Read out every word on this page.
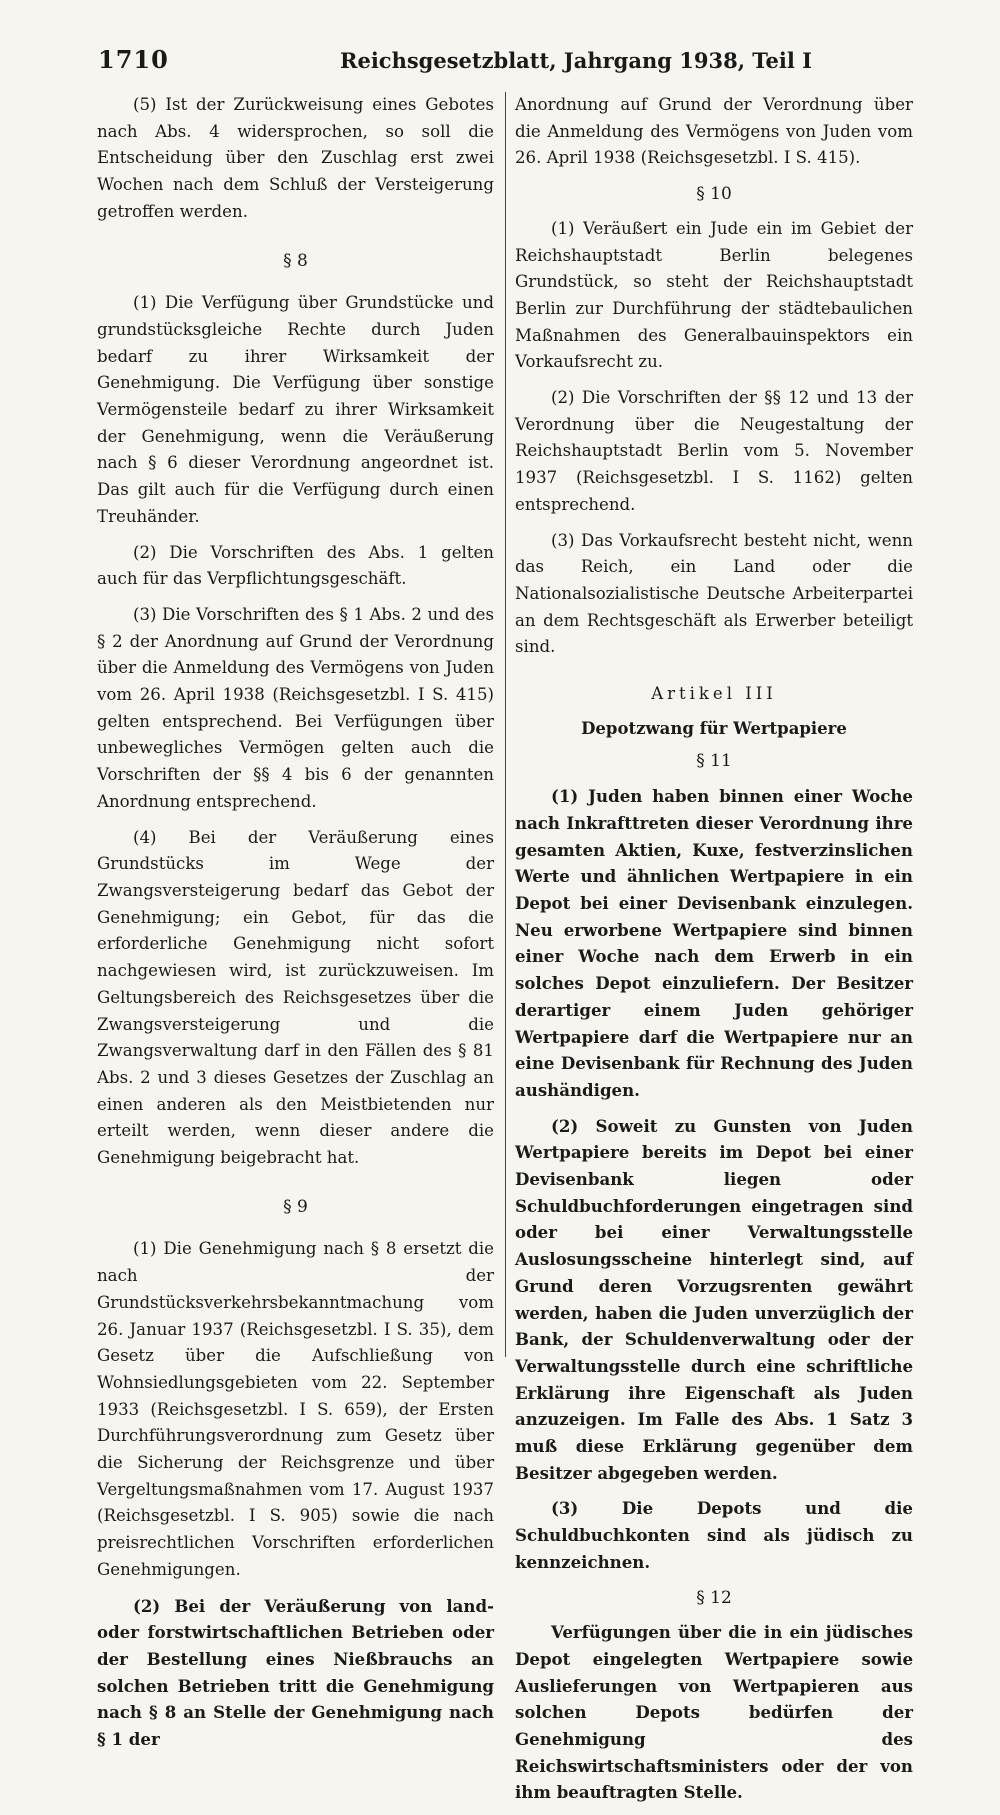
1710	Reichsgesetzblatt, Jahrgang 1938, Teil I

(5) Ist der Zurückweisung eines Gebotes nach Abs. 4 widersprochen, so soll die Entscheidung über den Zuschlag erst zwei Wochen nach dem Schluß der Versteigerung getroffen werden.

§ 8

(1) Die Verfügung über Grundstücke und grundstücksgleiche Rechte durch Juden bedarf zu ihrer Wirksamkeit der Genehmigung. Die Verfügung über sonstige Vermögensteile bedarf zu ihrer Wirksamkeit der Genehmigung, wenn die Veräußerung nach § 6 dieser Verordnung angeordnet ist. Das gilt auch für die Verfügung durch einen Treuhänder.

(2) Die Vorschriften des Abs. 1 gelten auch für das Verpflichtungsgeschäft.

(3) Die Vorschriften des § 1 Abs. 2 und des § 2 der Anordnung auf Grund der Verordnung über die Anmeldung des Vermögens von Juden vom 26. April 1938 (Reichsgesetzbl. I S. 415) gelten entsprechend. Bei Verfügungen über unbewegliches Vermögen gelten auch die Vorschriften der §§ 4 bis 6 der genannten Anordnung entsprechend.

(4) Bei der Veräußerung eines Grundstücks im Wege der Zwangsversteigerung bedarf das Gebot der Genehmigung; ein Gebot, für das die erforderliche Genehmigung nicht sofort nachgewiesen wird, ist zurückzuweisen. Im Geltungsbereich des Reichsgesetzes über die Zwangsversteigerung und die Zwangsverwaltung darf in den Fällen des § 81 Abs. 2 und 3 dieses Gesetzes der Zuschlag an einen anderen als den Meistbietenden nur erteilt werden, wenn dieser andere die Genehmigung beigebracht hat.

§ 9

(1) Die Genehmigung nach § 8 ersetzt die nach der Grundstücksverkehrsbekanntmachung vom 26. Januar 1937 (Reichsgesetzbl. I S. 35), dem Gesetz über die Aufschließung von Wohnsiedlungsgebieten vom 22. September 1933 (Reichsgesetzbl. I S. 659), der Ersten Durchführungsverordnung zum Gesetz über die Sicherung der Reichsgrenze und über Vergeltungsmaßnahmen vom 17. August 1937 (Reichsgesetzbl. I S. 905) sowie die nach preisrechtlichen Vorschriften erforderlichen Genehmigungen.

(2) Bei der Veräußerung von land- oder forstwirtschaftlichen Betrieben oder der Bestellung eines Nießbrauchs an solchen Betrieben tritt die Genehmigung nach § 8 an Stelle der Genehmigung nach § 1 der

Anordnung auf Grund der Verordnung über die Anmeldung des Vermögens von Juden vom 26. April 1938 (Reichsgesetzbl. I S. 415).

§ 10

(1) Veräußert ein Jude ein im Gebiet der Reichshauptstadt Berlin belegenes Grundstück, so steht der Reichshauptstadt Berlin zur Durchführung der städtebaulichen Maßnahmen des Generalbauinspektors ein Vorkaufsrecht zu.

(2) Die Vorschriften der §§ 12 und 13 der Verordnung über die Neugestaltung der Reichshauptstadt Berlin vom 5. November 1937 (Reichsgesetzbl. I S. 1162) gelten entsprechend.

(3) Das Vorkaufsrecht besteht nicht, wenn das Reich, ein Land oder die Nationalsozialistische Deutsche Arbeiterpartei an dem Rechtsgeschäft als Erwerber beteiligt sind.

Artikel III
Depotzwang für Wertpapiere
§ 11

(1) Juden haben binnen einer Woche nach Inkrafttreten dieser Verordnung ihre gesamten Aktien, Kuxe, festverzinslichen Werte und ähnlichen Wertpapiere in ein Depot bei einer Devisenbank einzulegen. Neu erworbene Wertpapiere sind binnen einer Woche nach dem Erwerb in ein solches Depot einzuliefern. Der Besitzer derartiger einem Juden gehöriger Wertpapiere darf die Wertpapiere nur an eine Devisenbank für Rechnung des Juden aushändigen.

(2) Soweit zu Gunsten von Juden Wertpapiere bereits im Depot bei einer Devisenbank liegen oder Schuldbuchforderungen eingetragen sind oder bei einer Verwaltungsstelle Auslosungsscheine hinterlegt sind, auf Grund deren Vorzugsrenten gewährt werden, haben die Juden unverzüglich der Bank, der Schuldenverwaltung oder der Verwaltungsstelle durch eine schriftliche Erklärung ihre Eigenschaft als Juden anzuzeigen. Im Falle des Abs. 1 Satz 3 muß diese Erklärung gegenüber dem Besitzer abgegeben werden.

(3) Die Depots und die Schuldbuchkonten sind als jüdisch zu kennzeichnen.

§ 12

Verfügungen über die in ein jüdisches Depot eingelegten Wertpapiere sowie Auslieferungen von Wertpapieren aus solchen Depots bedürfen der Genehmigung des Reichswirtschaftsministers oder der von ihm beauftragten Stelle.
